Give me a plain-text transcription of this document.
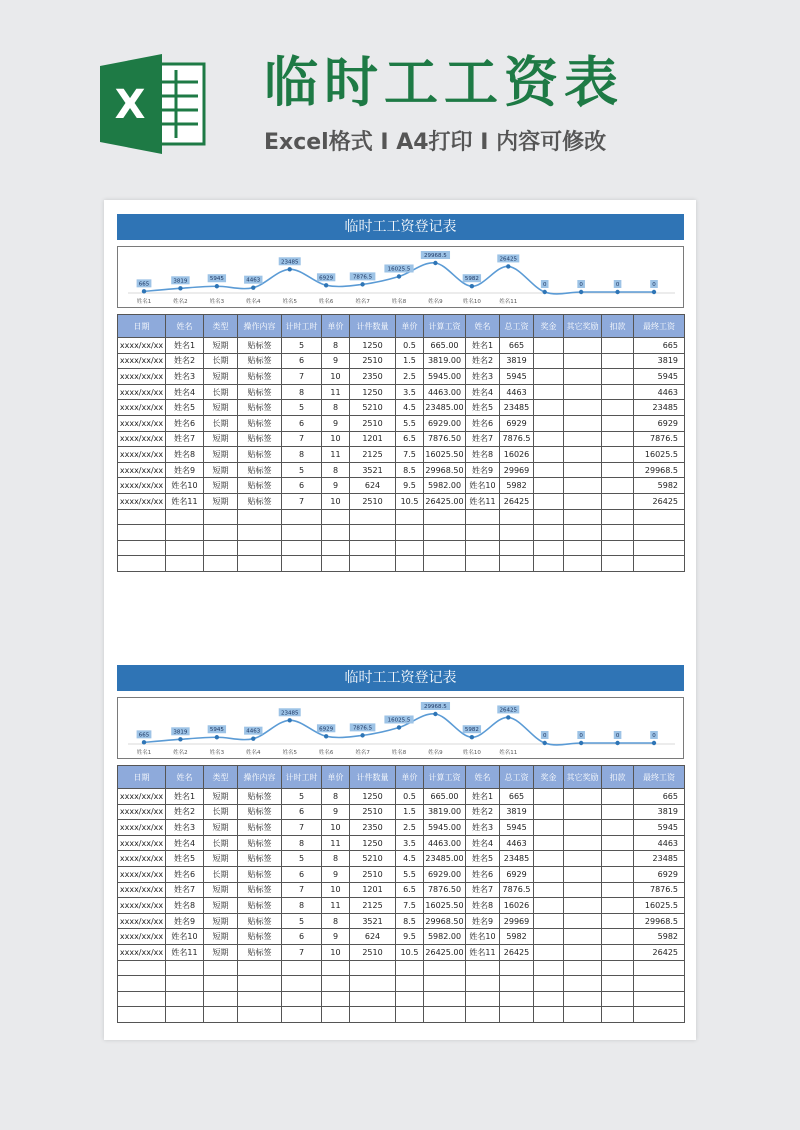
X 临时工工资表
Excel格式 I A4打印 I 内容可修改
临时工工资登记表
665
姓名1
3819
姓名2
5945
姓名3
4463
姓名4
23485
姓名5
6929
姓名6
7876.5
姓名7
16025.5
姓名8
29968.5
姓名9
5982
姓名10
26425
姓名11
0	0	0	0
日期	姓名	类型	操作内容	计时工时	单价	计件数量	单价	计算工资	姓名	总工资	奖金	其它奖励	扣款	最终工资
xxxx/xx/xx	姓名1	短期	贴标签	5	8	1250	0.5	665.00	姓名1	665				665
xxxx/xx/xx	姓名2	长期	贴标签	6	9	2510	1.5	3819.00	姓名2	3819				3819
xxxx/xx/xx	姓名3	短期	贴标签	7	10	2350	2.5	5945.00	姓名3	5945				5945
xxxx/xx/xx	姓名4	长期	贴标签	8	11	1250	3.5	4463.00	姓名4	4463				4463
xxxx/xx/xx	姓名5	短期	贴标签	5	8	5210	4.5	23485.00	姓名5	23485				23485
xxxx/xx/xx	姓名6	长期	贴标签	6	9	2510	5.5	6929.00	姓名6	6929				6929
xxxx/xx/xx	姓名7	短期	贴标签	7	10	1201	6.5	7876.50	姓名7	7876.5				7876.5
xxxx/xx/xx	姓名8	短期	贴标签	8	11	2125	7.5	16025.50	姓名8	16026				16025.5
xxxx/xx/xx	姓名9	短期	贴标签	5	8	3521	8.5	29968.50	姓名9	29969				29968.5
xxxx/xx/xx	姓名10	短期	贴标签	6	9	624	9.5	5982.00	姓名10	5982				5982
xxxx/xx/xx	姓名11	短期	贴标签	7	10	2510	10.5	26425.00	姓名11	26425				26425

临时工工资登记表
665
姓名1
3819
姓名2
5945
姓名3
4463
姓名4
23485
姓名5
6929
姓名6
7876.5
姓名7
16025.5
姓名8
29968.5
姓名9
5982
姓名10
26425
姓名11
0	0	0	0
日期	姓名	类型	操作内容	计时工时	单价	计件数量	单价	计算工资	姓名	总工资	奖金	其它奖励	扣款	最终工资
xxxx/xx/xx	姓名1	短期	贴标签	5	8	1250	0.5	665.00	姓名1	665				665
xxxx/xx/xx	姓名2	长期	贴标签	6	9	2510	1.5	3819.00	姓名2	3819				3819
xxxx/xx/xx	姓名3	短期	贴标签	7	10	2350	2.5	5945.00	姓名3	5945				5945
xxxx/xx/xx	姓名4	长期	贴标签	8	11	1250	3.5	4463.00	姓名4	4463				4463
xxxx/xx/xx	姓名5	短期	贴标签	5	8	5210	4.5	23485.00	姓名5	23485				23485
xxxx/xx/xx	姓名6	长期	贴标签	6	9	2510	5.5	6929.00	姓名6	6929				6929
xxxx/xx/xx	姓名7	短期	贴标签	7	10	1201	6.5	7876.50	姓名7	7876.5				7876.5
xxxx/xx/xx	姓名8	短期	贴标签	8	11	2125	7.5	16025.50	姓名8	16026				16025.5
xxxx/xx/xx	姓名9	短期	贴标签	5	8	3521	8.5	29968.50	姓名9	29969				29968.5
xxxx/xx/xx	姓名10	短期	贴标签	6	9	624	9.5	5982.00	姓名10	5982				5982
xxxx/xx/xx	姓名11	短期	贴标签	7	10	2510	10.5	26425.00	姓名11	26425				26425
